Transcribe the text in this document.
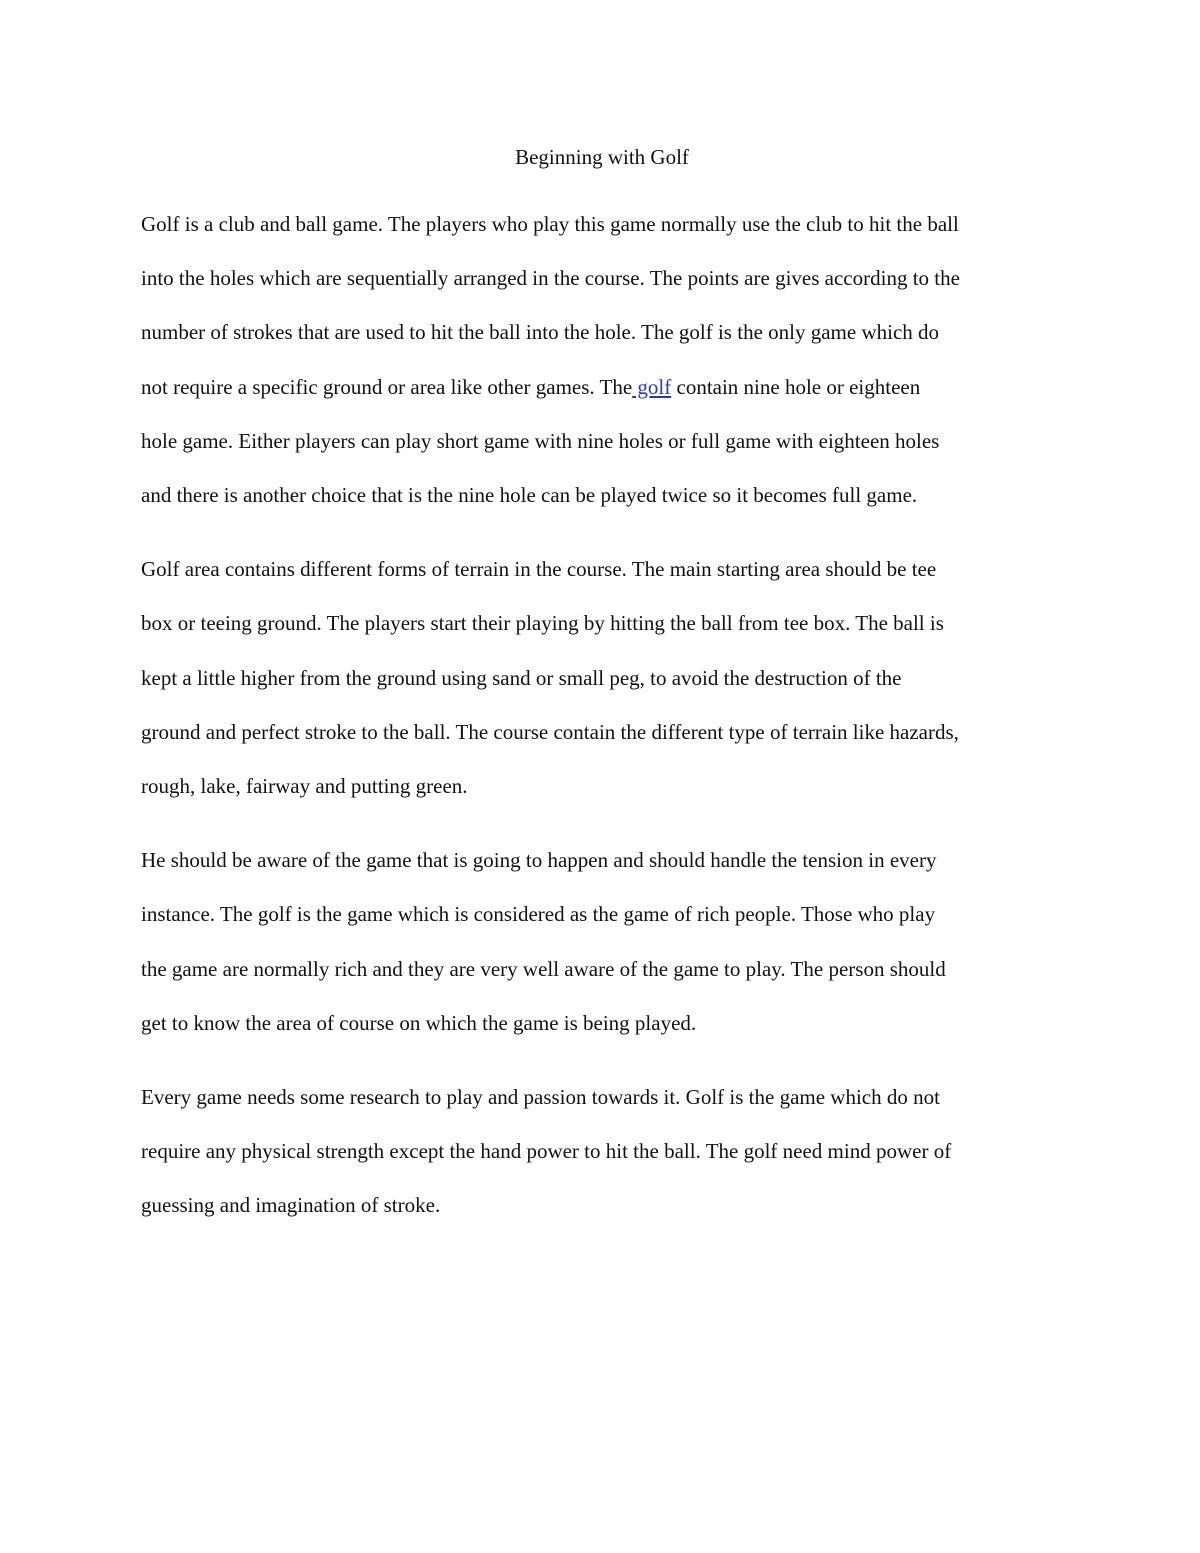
Beginning with Golf

Golf is a club and ball game. The players who play this game normally use the club to hit the ball
into the holes which are sequentially arranged in the course. The points are gives according to the
number of strokes that are used to hit the ball into the hole. The golf is the only game which do
not require a specific ground or area like other games. The golf contain nine hole or eighteen
hole game. Either players can play short game with nine holes or full game with eighteen holes
and there is another choice that is the nine hole can be played twice so it becomes full game.

Golf area contains different forms of terrain in the course. The main starting area should be tee
box or teeing ground. The players start their playing by hitting the ball from tee box. The ball is
kept a little higher from the ground using sand or small peg, to avoid the destruction of the
ground and perfect stroke to the ball. The course contain the different type of terrain like hazards,
rough, lake, fairway and putting green.

He should be aware of the game that is going to happen and should handle the tension in every
instance. The golf is the game which is considered as the game of rich people. Those who play
the game are normally rich and they are very well aware of the game to play. The person should
get to know the area of course on which the game is being played.

Every game needs some research to play and passion towards it. Golf is the game which do not
require any physical strength except the hand power to hit the ball. The golf need mind power of
guessing and imagination of stroke.
